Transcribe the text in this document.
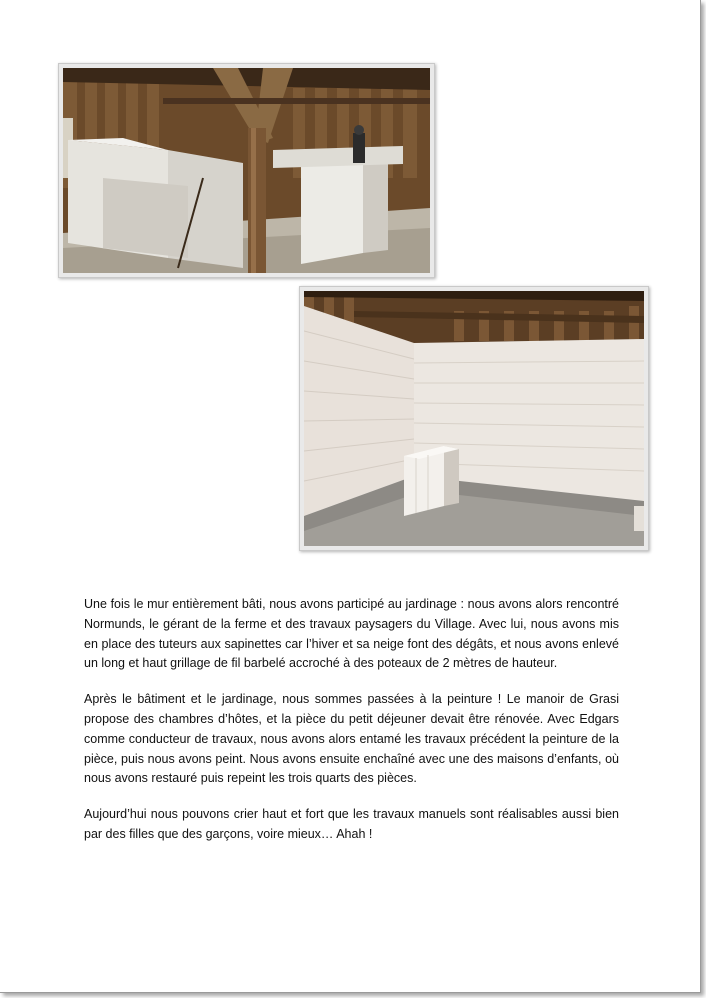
Une fois le mur entièrement bâti, nous avons participé au jardinage : nous avons alors rencontré Normunds, le gérant de la ferme et des travaux paysagers du Village. Avec lui, nous avons mis en place des tuteurs aux sapinettes car l’hiver et sa neige font des dégâts, et nous avons enlevé un long et haut grillage de fil barbelé accroché à des poteaux de 2 mètres de hauteur.

Après le bâtiment et le jardinage, nous sommes passées à la peinture ! Le manoir de Grasi propose des chambres d’hôtes, et la pièce du petit déjeuner devait être rénovée. Avec Edgars comme conducteur de travaux, nous avons alors entamé les travaux précédent la peinture de la pièce, puis nous avons peint. Nous avons ensuite enchaîné avec une des maisons d’enfants, où nous avons restauré puis repeint les trois quarts des pièces.

Aujourd’hui nous pouvons crier haut et fort que les travaux manuels sont réalisables aussi bien par des filles que des garçons, voire mieux… Ahah !
